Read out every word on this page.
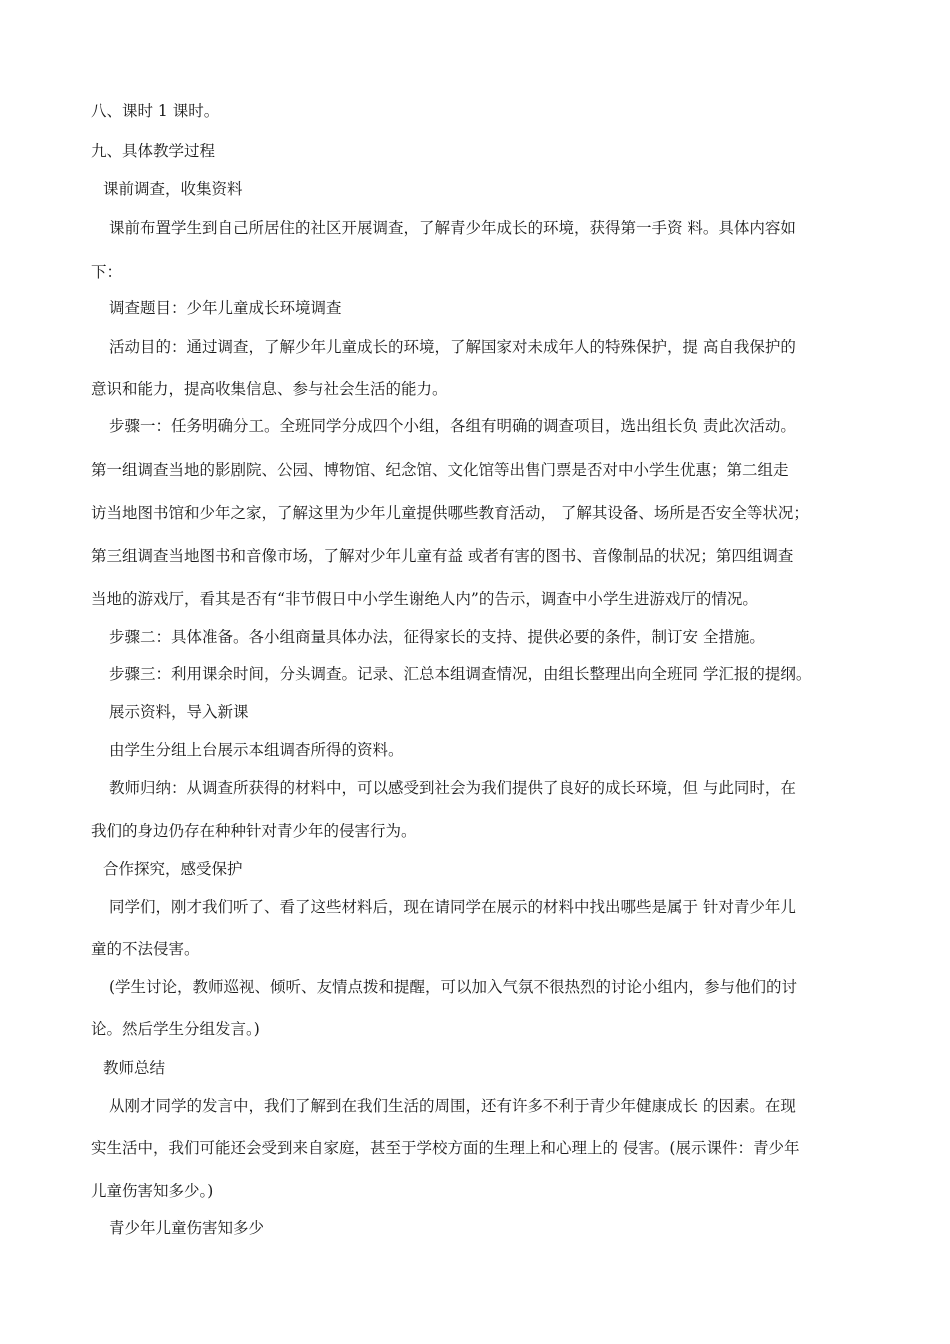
八、课时 1 课时。
九、具体教学过程
课前调查，收集资料
课前布置学生到自己所居住的社区开展调查，了解青少年成长的环境，获得第一手资 料。具体内容如
下：
调查题目：少年儿童成长环境调查
活动目的：通过调查，了解少年儿童成长的环境，了解国家对未成年人的特殊保护，提 高自我保护的
意识和能力，提高收集信息、参与社会生活的能力。
步骤一：任务明确分工。全班同学分成四个小组，各组有明确的调查项目，选出组长负 责此次活动。
第一组调查当地的影剧院、公园、博物馆、纪念馆、文化馆等出售门票是否对中小学生优惠；第二组走
访当地图书馆和少年之家，了解这里为少年儿童提供哪些教育活动， 了解其设备、场所是否安全等状况；
第三组调查当地图书和音像市场，了解对少年儿童有益 或者有害的图书、音像制品的状况；第四组调查
当地的游戏厅，看其是否有“非节假日中小学生谢绝人内”的告示，调查中小学生进游戏厅的情况。
步骤二：具体准备。各小组商量具体办法，征得家长的支持、提供必要的条件，制订安 全措施。
步骤三：利用课余时间，分头调查。记录、汇总本组调查情况，由组长整理出向全班同 学汇报的提纲。
展示资料，导入新课
由学生分组上台展示本组调杳所得的资料。
教师归纳：从调查所获得的材料中，可以感受到社会为我们提供了良好的成长环境，但 与此同时，在
我们的身边仍存在种种针对青少年的侵害行为。
合作探究，感受保护
同学们，刚才我们听了、看了这些材料后，现在请同学在展示的材料中找出哪些是属于 针对青少年儿
童的不法侵害。
(学生讨论，教师巡视、倾听、友情点拨和提醒，可以加入气氛不很热烈的讨论小组内，参与他们的讨
论。然后学生分组发言。)
教师总结
从刚才同学的发言中，我们了解到在我们生活的周围，还有许多不利于青少年健康成长 的因素。在现
实生活中，我们可能还会受到来自家庭，甚至于学校方面的生理上和心理上的 侵害。(展示课件：青少年
儿童伤害知多少。)
青少年儿童伤害知多少
